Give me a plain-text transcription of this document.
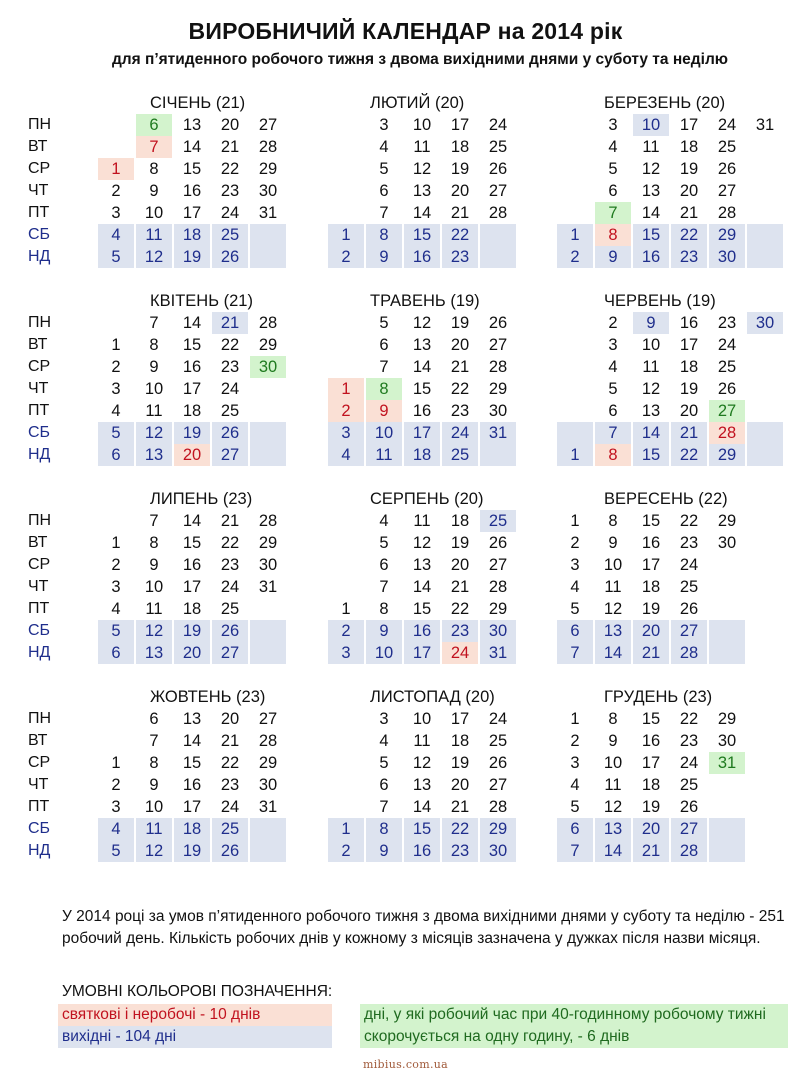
ВИРОБНИЧИЙ КАЛЕНДАР на 2014 рік
для п’ятиденного робочого тижня з двома вихідними днями у суботу та неділю
ПН
ВТ
СР
ЧТ
ПТ
СБ
НД
ПН
ВТ
СР
ЧТ
ПТ
СБ
НД
ПН
ВТ
СР
ЧТ
ПТ
СБ
НД
ПН
ВТ
СР
ЧТ
ПТ
СБ
НД
СІЧЕНЬ (21)
1
2
3
4
5
6
7
8
9
10
11
12
13
14
15
16
17
18
19
20
21
22
23
24
25
26
27
28
29
30
31
ЛЮТИЙ (20)
1
2
3
4
5
6
7
8
9
10
11
12
13
14
15
16
17
18
19
20
21
22
23
24
25
26
27
28
БЕРЕЗЕНЬ (20)
1
2
3
4
5
6
7
8
9
10
11
12
13
14
15
16
17
18
19
20
21
22
23
24
25
26
27
28
29
30
31
КВІТЕНЬ (21)
1
2
3
4
5
6
7
8
9
10
11
12
13
14
15
16
17
18
19
20
21
22
23
24
25
26
27
28
29
30
ТРАВЕНЬ (19)
1
2
3
4
5
6
7
8
9
10
11
12
13
14
15
16
17
18
19
20
21
22
23
24
25
26
27
28
29
30
31
ЧЕРВЕНЬ (19)
1
2
3
4
5
6
7
8
9
10
11
12
13
14
15
16
17
18
19
20
21
22
23
24
25
26
27
28
29
30
ЛИПЕНЬ (23)
1
2
3
4
5
6
7
8
9
10
11
12
13
14
15
16
17
18
19
20
21
22
23
24
25
26
27
28
29
30
31
СЕРПЕНЬ (20)
1
2
3
4
5
6
7
8
9
10
11
12
13
14
15
16
17
18
19
20
21
22
23
24
25
26
27
28
29
30
31
ВЕРЕСЕНЬ (22)
1
2
3
4
5
6
7
8
9
10
11
12
13
14
15
16
17
18
19
20
21
22
23
24
25
26
27
28
29
30
ЖОВТЕНЬ (23)
1
2
3
4
5
6
7
8
9
10
11
12
13
14
15
16
17
18
19
20
21
22
23
24
25
26
27
28
29
30
31
ЛИСТОПАД (20)
1
2
3
4
5
6
7
8
9
10
11
12
13
14
15
16
17
18
19
20
21
22
23
24
25
26
27
28
29
30
ГРУДЕНЬ (23)
1
2
3
4
5
6
7
8
9
10
11
12
13
14
15
16
17
18
19
20
21
22
23
24
25
26
27
28
29
30
31
У 2014 році за умов п’ятиденного робочого тижня з двома вихідними днями у суботу та неділю - 251 робочий день. Кількість робочих днів у кожному з місяців зазначена у дужках після назви місяця.
УМОВНІ КОЛЬОРОВІ ПОЗНАЧЕННЯ:
святкові і неробочі - 10 днів
вихідні - 104 дні
дні, у які робочий час при 40-годинному робочому тижні скорочується на одну годину, - 6 днів
mibius.com.ua
